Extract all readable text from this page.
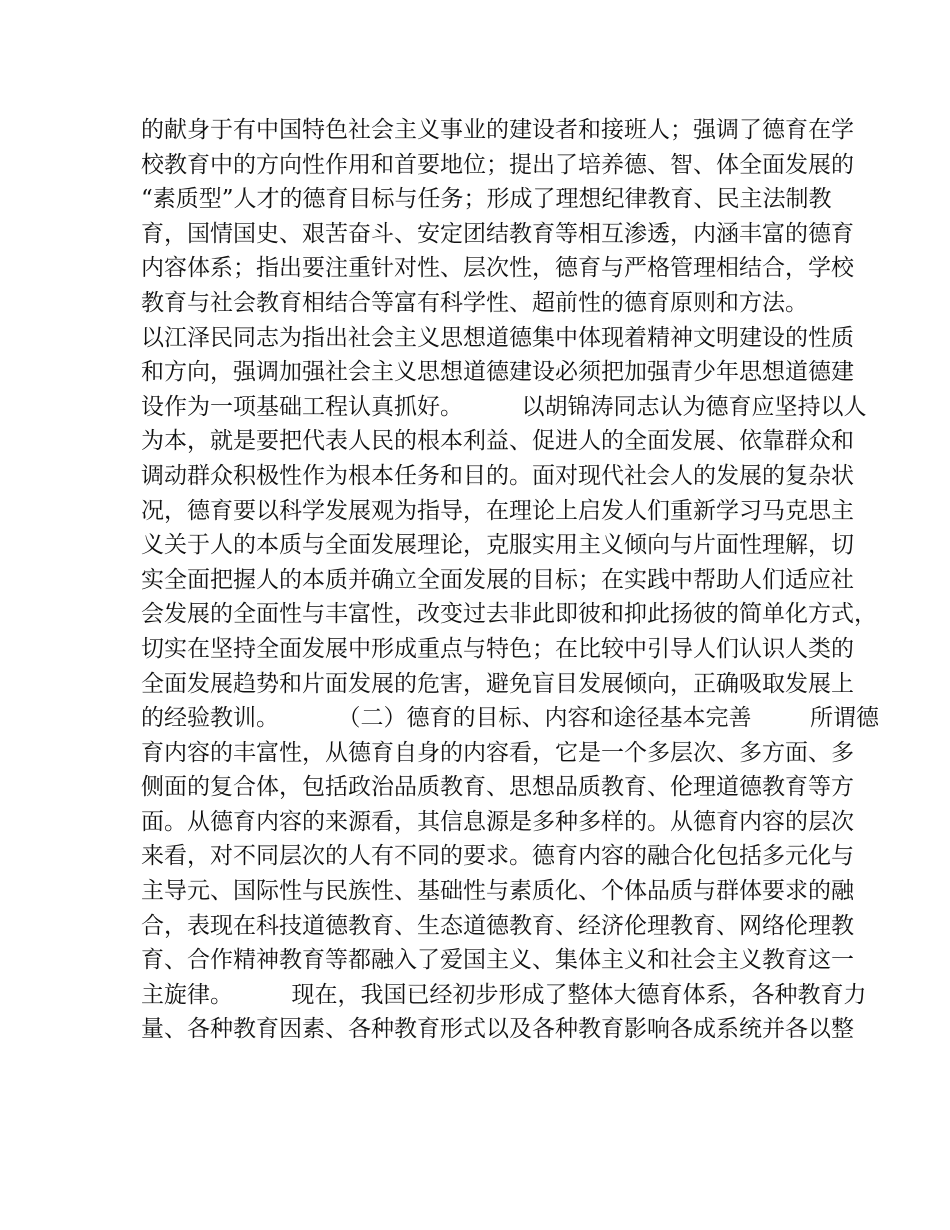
的献身于有中国特色社会主义事业的建设者和接班人；强调了德育在学
校教育中的方向性作用和首要地位；提出了培养德、智、体全面发展的
“素质型”人才的德育目标与任务；形成了理想纪律教育、民主法制教
育，国情国史、艰苦奋斗、安定团结教育等相互渗透，内涵丰富的德育
内容体系；指出要注重针对性、层次性，德育与严格管理相结合，学校
教育与社会教育相结合等富有科学性、超前性的德育原则和方法。
以江泽民同志为指出社会主义思想道德集中体现着精神文明建设的性质
和方向，强调加强社会主义思想道德建设必须把加强青少年思想道德建
设作为一项基础工程认真抓好。        以胡锦涛同志认为德育应坚持以人
为本，就是要把代表人民的根本利益、促进人的全面发展、依靠群众和
调动群众积极性作为根本任务和目的。面对现代社会人的发展的复杂状
况，德育要以科学发展观为指导，在理论上启发人们重新学习马克思主
义关于人的本质与全面发展理论，克服实用主义倾向与片面性理解，切
实全面把握人的本质并确立全面发展的目标；在实践中帮助人们适应社
会发展的全面性与丰富性，改变过去非此即彼和抑此扬彼的简单化方式，
切实在坚持全面发展中形成重点与特色；在比较中引导人们认识人类的
全面发展趋势和片面发展的危害，避免盲目发展倾向，正确吸取发展上
的经验教训。        （二）德育的目标、内容和途径基本完善        所谓德
育内容的丰富性，从德育自身的内容看，它是一个多层次、多方面、多
侧面的复合体，包括政治品质教育、思想品质教育、伦理道德教育等方
面。从德育内容的来源看，其信息源是多种多样的。从德育内容的层次
来看，对不同层次的人有不同的要求。德育内容的融合化包括多元化与
主导元、国际性与民族性、基础性与素质化、个体品质与群体要求的融
合，表现在科技道德教育、生态道德教育、经济伦理教育、网络伦理教
育、合作精神教育等都融入了爱国主义、集体主义和社会主义教育这一
主旋律。        现在，我国已经初步形成了整体大德育体系，各种教育力
量、各种教育因素、各种教育形式以及各种教育影响各成系统并各以整
